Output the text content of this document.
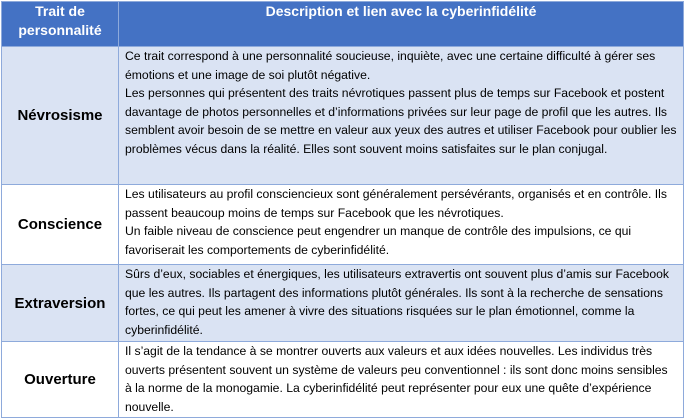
Trait de personnalité	Description et lien avec la cyberinfidélité
Névrosisme	Ce trait correspond à une personnalité soucieuse, inquiète, avec une certaine difficulté à gérer ses émotions et une image de soi plutôt négative.

Les personnes qui présentent des traits névrotiques passent plus de temps sur Facebook et postent davantage de photos personnelles et d’informations privées sur leur page de profil que les autres. Ils semblent avoir besoin de se mettre en valeur aux yeux des autres et utiliser Facebook pour oublier les problèmes vécus dans la réalité. Elles sont souvent moins satisfaites sur le plan conjugal.

Conscience	Les utilisateurs au profil consciencieux sont généralement persévérants, organisés et en contrôle. Ils passent beaucoup moins de temps sur Facebook que les névrotiques.

Un faible niveau de conscience peut engendrer un manque de contrôle des impulsions, ce qui favoriserait les comportements de cyberinfidélité.

Extraversion	Sûrs d’eux, sociables et énergiques, les utilisateurs extravertis ont souvent plus d’amis sur Facebook que les autres. Ils partagent des informations plutôt générales. Ils sont à la recherche de sensations fortes, ce qui peut les amener à vivre des situations risquées sur le plan émotionnel, comme la cyberinfidélité.

Ouverture	Il s’agit de la tendance à se montrer ouverts aux valeurs et aux idées nouvelles. Les individus très ouverts présentent souvent un système de valeurs peu conventionnel : ils sont donc moins sensibles à la norme de la monogamie. La cyberinfidélité peut représenter pour eux une quête d’expérience nouvelle.
